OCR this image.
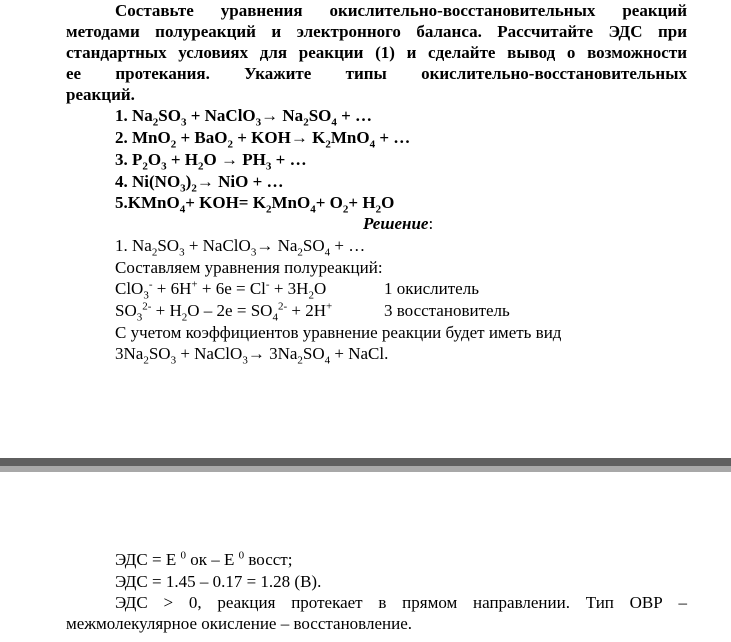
Составьте уравнения окислительно-восстановительных реакций

методами полуреакций и электронного баланса. Рассчитайте ЭДС при

стандартных условиях для реакции (1) и сделайте вывод о возможности

ее протекания. Укажите типы окислительно-восстановительных

реакций.

1. $Na_2SO_3$ + NaClO$_3$→ $Na_2SO_4$ + …

2. $MnO_2 + BaO_2 + KOH\to K_2MnO_4$ + …

3. $P_2O_3 + H_2O \to PH_3$ + …

4. $Ni(NO_3)_2\to$ NiO + …

5.KMnO$_4$+ $KOH= K_2MnO_4+ O_2+ H_2O$

Решение:

1. $Na_2SO_3$ + NaClO$_3$→ $Na_2SO_4$ + …

Составляем уравнения полуреакций:

$ClO_3^- + 6H^+ + 6e = Cl^- + 3H_2O$	1 окислитель

$SO_3^{2-} + H_2O - 2e = SO_4^{2-} + 2H^+$	3 восстановитель

С учетом коэффициентов уравнение реакции будет иметь вид

$3Na_2SO_3$ + NaClO$_3$→ $3Na_2SO_4$ + NaCl.

ЭДС = Е $^0$ ок – Е $^0$ восст;

ЭДС = 1.45 – 0.17 = 1.28 (В).

ЭДС > 0, реакция протекает в прямом направлении. Тип ОВР –

межмолекулярное окисление – восстановление.
